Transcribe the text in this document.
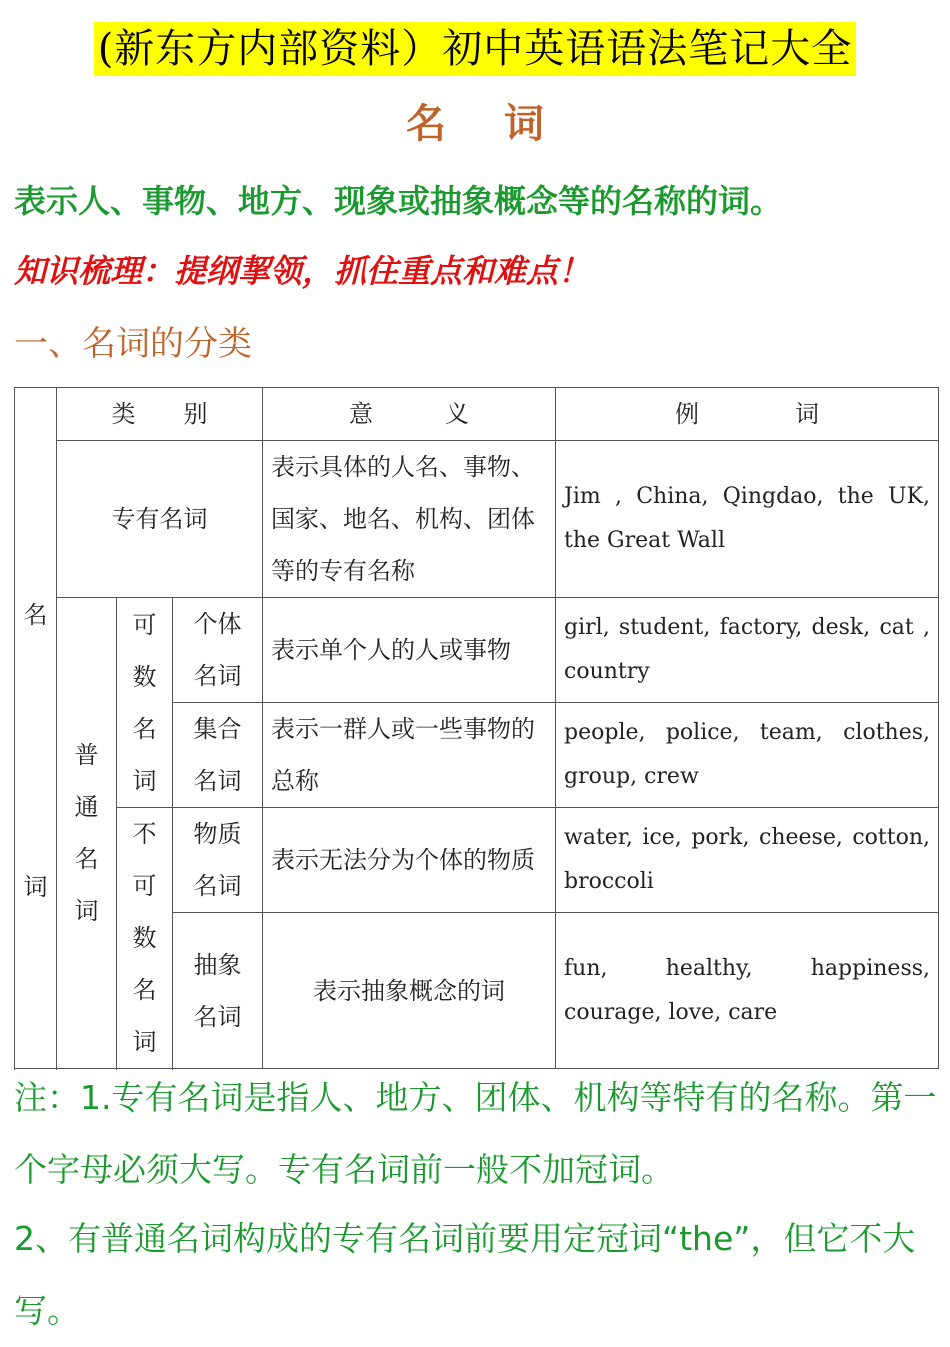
(新东方内部资料）初中英语语法笔记大全
名 词
表示人、事物、地方、现象或抽象概念等的名称的词。
知识梳理：提纲挈领，抓住重点和难点！
一、名词的分类
名
词	类　　别			意　　　义	例　　　　词
	专有名词			表示具体的人名、事物、国家、地名、机构、团体等的专有名称	Jim , China, Qingdao, the UK, the Great Wall

	普
通
名
词	可
数
名
词	个体
名词	表示单个人的人或事物	girl, student, factory, desk, cat , country

			集合
名词	表示一群人或一些事物的总称	people, police, team, clothes, group, crew

		不
可
数
名
词	物质
名词	表示无法分为个体的物质	water, ice, pork, cheese, cotton, broccoli

			抽象
名词	表示抽象概念的词	fun, healthy, happiness, courage, love, care

注：1.专有名词是指人、地方、团体、机构等特有的名称。第一个字母必须大写。专有名词前一般不加冠词。
2、有普通名词构成的专有名词前要用定冠词“the”，但它不大写。
